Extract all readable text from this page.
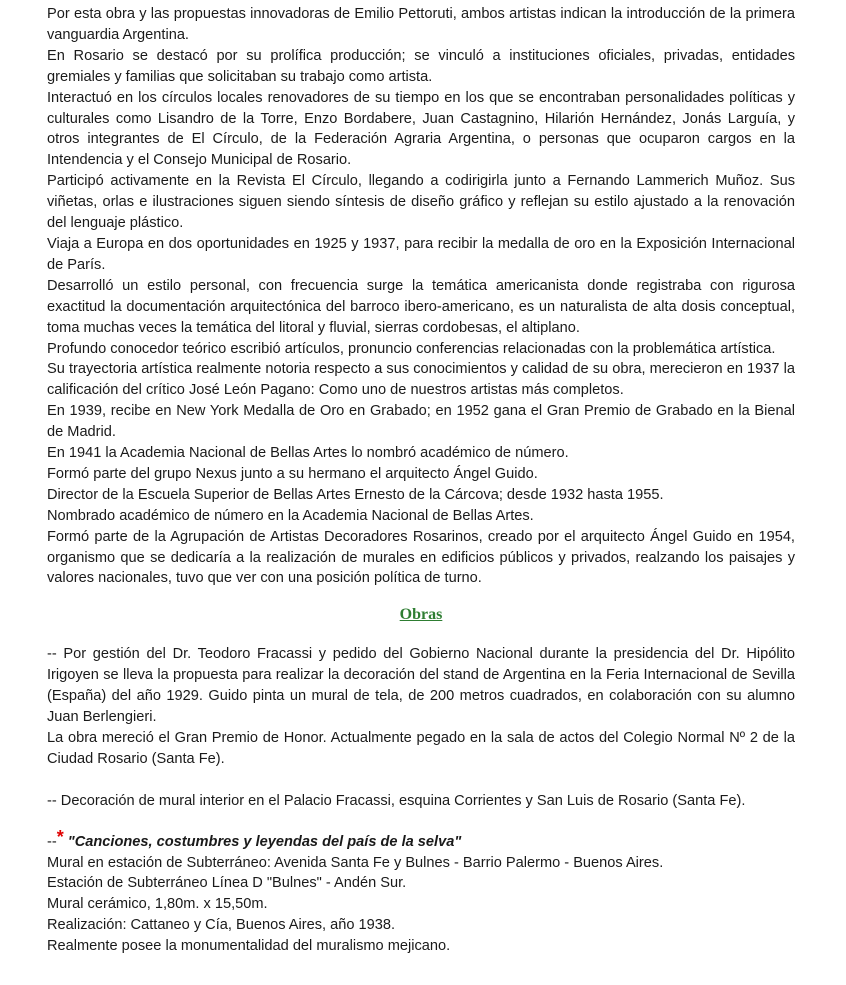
Por esta obra y las propuestas innovadoras de Emilio Pettoruti, ambos artistas indican la introducción de la primera vanguardia Argentina.

En Rosario se destacó por su prolífica producción; se vinculó a instituciones oficiales, privadas, entidades gremiales y familias que solicitaban su trabajo como artista.

Interactuó en los círculos locales renovadores de su tiempo en los que se encontraban personalidades políticas y culturales como Lisandro de la Torre, Enzo Bordabere, Juan Castagnino, Hilarión Hernández, Jonás Larguía, y otros integrantes de El Círculo, de la Federación Agraria Argentina, o personas que ocuparon cargos en la Intendencia y el Consejo Municipal de Rosario.

Participó activamente en la Revista El Círculo, llegando a codirigirla junto a Fernando Lammerich Muñoz. Sus viñetas, orlas e ilustraciones siguen siendo síntesis de diseño gráfico y reflejan su estilo ajustado a la renovación del lenguaje plástico.

Viaja a Europa en dos oportunidades en 1925 y 1937, para recibir la medalla de oro en la Exposición Internacional de París.

Desarrolló un estilo personal, con frecuencia surge la temática americanista donde registraba con rigurosa exactitud la documentación arquitectónica del barroco ibero-americano, es un naturalista de alta dosis conceptual, toma muchas veces la temática del litoral y fluvial, sierras cordobesas, el altiplano.

Profundo conocedor teórico escribió artículos, pronuncio conferencias relacionadas con la problemática artística.

Su trayectoria artística realmente notoria respecto a sus conocimientos y calidad de su obra, merecieron en 1937 la calificación del crítico José León Pagano: Como uno de nuestros artistas más completos.

En 1939, recibe en New York Medalla de Oro en Grabado; en 1952 gana el Gran Premio de Grabado en la Bienal de Madrid.

En 1941 la Academia Nacional de Bellas Artes lo nombró académico de número.

Formó parte del grupo Nexus junto a su hermano el arquitecto Ángel Guido.

Director de la Escuela Superior de Bellas Artes Ernesto de la Cárcova; desde 1932 hasta 1955.

Nombrado académico de número en la Academia Nacional de Bellas Artes.

Formó parte de la Agrupación de Artistas Decoradores Rosarinos, creado por el arquitecto Ángel Guido en 1954, organismo que se dedicaría a la realización de murales en edificios públicos y privados, realzando los paisajes y valores nacionales, tuvo que ver con una posición política de turno.

Obras

-- Por gestión del Dr. Teodoro Fracassi y pedido del Gobierno Nacional durante la presidencia del Dr. Hipólito Irigoyen se lleva la propuesta para realizar la decoración del stand de Argentina en la Feria Internacional de Sevilla (España) del año 1929. Guido pinta un mural de tela, de 200 metros cuadrados, en colaboración con su alumno Juan Berlengieri.

La obra mereció el Gran Premio de Honor. Actualmente pegado en la sala de actos del Colegio Normal Nº 2 de la Ciudad Rosario (Santa Fe).

-- Decoración de mural interior en el Palacio Fracassi, esquina Corrientes y San Luis de Rosario (Santa Fe).

--* "Canciones, costumbres y leyendas del país de la selva"

Mural en estación de Subterráneo: Avenida Santa Fe y Bulnes - Barrio Palermo - Buenos Aires.

Estación de Subterráneo Línea D "Bulnes" - Andén Sur.

Mural cerámico, 1,80m. x 15,50m.

Realización: Cattaneo y Cía, Buenos Aires, año 1938.

Realmente posee la monumentalidad del muralismo mejicano.
